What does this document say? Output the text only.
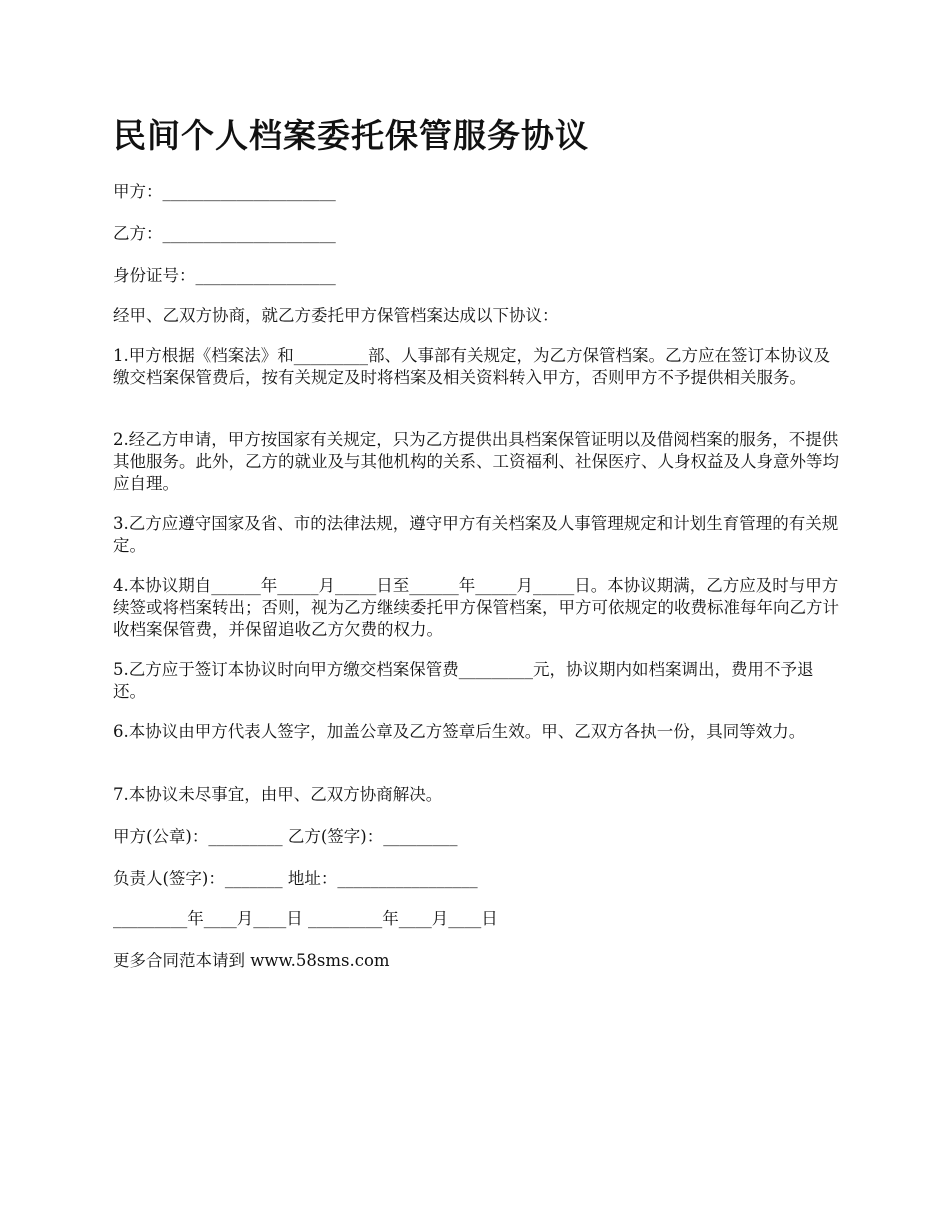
民间个人档案委托保管服务协议

甲方：_____________________

乙方：_____________________

身份证号：_________________

经甲、乙双方协商，就乙方委托甲方保管档案达成以下协议：

1.甲方根据《档案法》和_________部、人事部有关规定，为乙方保管档案。乙方应在签订本协议及缴交档案保管费后，按有关规定及时将档案及相关资料转入甲方，否则甲方不予提供相关服务。

2.经乙方申请，甲方按国家有关规定，只为乙方提供出具档案保管证明以及借阅档案的服务，不提供其他服务。此外，乙方的就业及与其他机构的关系、工资福利、社保医疗、人身权益及人身意外等均应自理。

3.乙方应遵守国家及省、市的法律法规，遵守甲方有关档案及人事管理规定和计划生育管理的有关规定。

4.本协议期自______年_____月_____日至______年_____月_____日。本协议期满，乙方应及时与甲方续签或将档案转出；否则，视为乙方继续委托甲方保管档案，甲方可依规定的收费标准每年向乙方计收档案保管费，并保留追收乙方欠费的权力。

5.乙方应于签订本协议时向甲方缴交档案保管费_________元，协议期内如档案调出，费用不予退还。

6.本协议由甲方代表人签字，加盖公章及乙方签章后生效。甲、乙双方各执一份，具同等效力。

7.本协议未尽事宜，由甲、乙双方协商解决。

甲方(公章)：_________ 乙方(签字)：_________

负责人(签字)：_______ 地址：_________________

_________年____月____日 _________年____月____日

更多合同范本请到 www.58sms.com
